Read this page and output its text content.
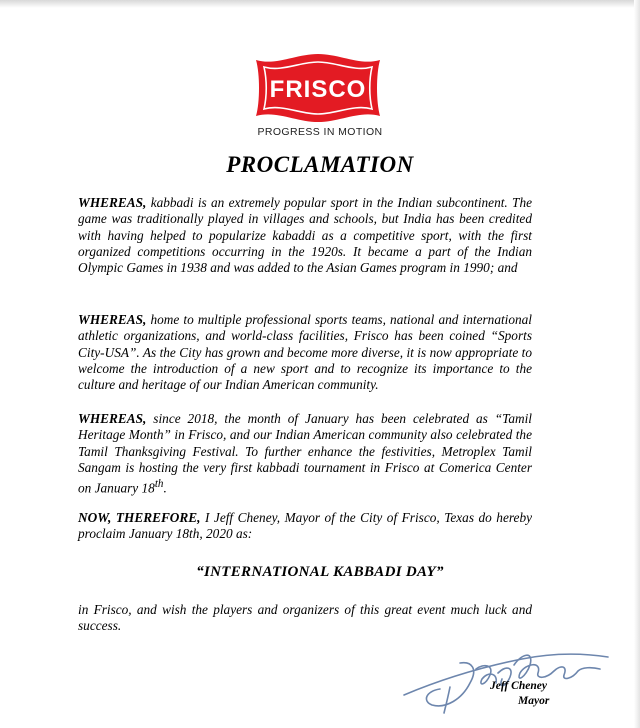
FRISCO
PROGRESS IN MOTION
PROCLAMATION

WHEREAS, kabbadi is an extremely popular sport in the Indian subcontinent. The game was traditionally played in villages and schools, but India has been credited with having helped to popularize kabaddi as a competitive sport, with the first organized competitions occurring in the 1920s. It became a part of the Indian Olympic Games in 1938 and was added to the Asian Games program in 1990; and

WHEREAS, home to multiple professional sports teams, national and international athletic organizations, and world-class facilities, Frisco has been coined “Sports City-USA”. As the City has grown and become more diverse, it is now appropriate to welcome the introduction of a new sport and to recognize its importance to the culture and heritage of our Indian American community.

WHEREAS, since 2018, the month of January has been celebrated as “Tamil Heritage Month” in Frisco, and our Indian American community also celebrated the Tamil Thanksgiving Festival. To further enhance the festivities, Metroplex Tamil Sangam is hosting the very first kabbadi tournament in Frisco at Comerica Center on January 18th.

NOW, THEREFORE, I Jeff Cheney, Mayor of the City of Frisco, Texas do hereby proclaim January 18th, 2020 as:

“INTERNATIONAL KABBADI DAY”

in Frisco, and wish the players and organizers of this great event much luck and success.

Jeff Cheney
Mayor
